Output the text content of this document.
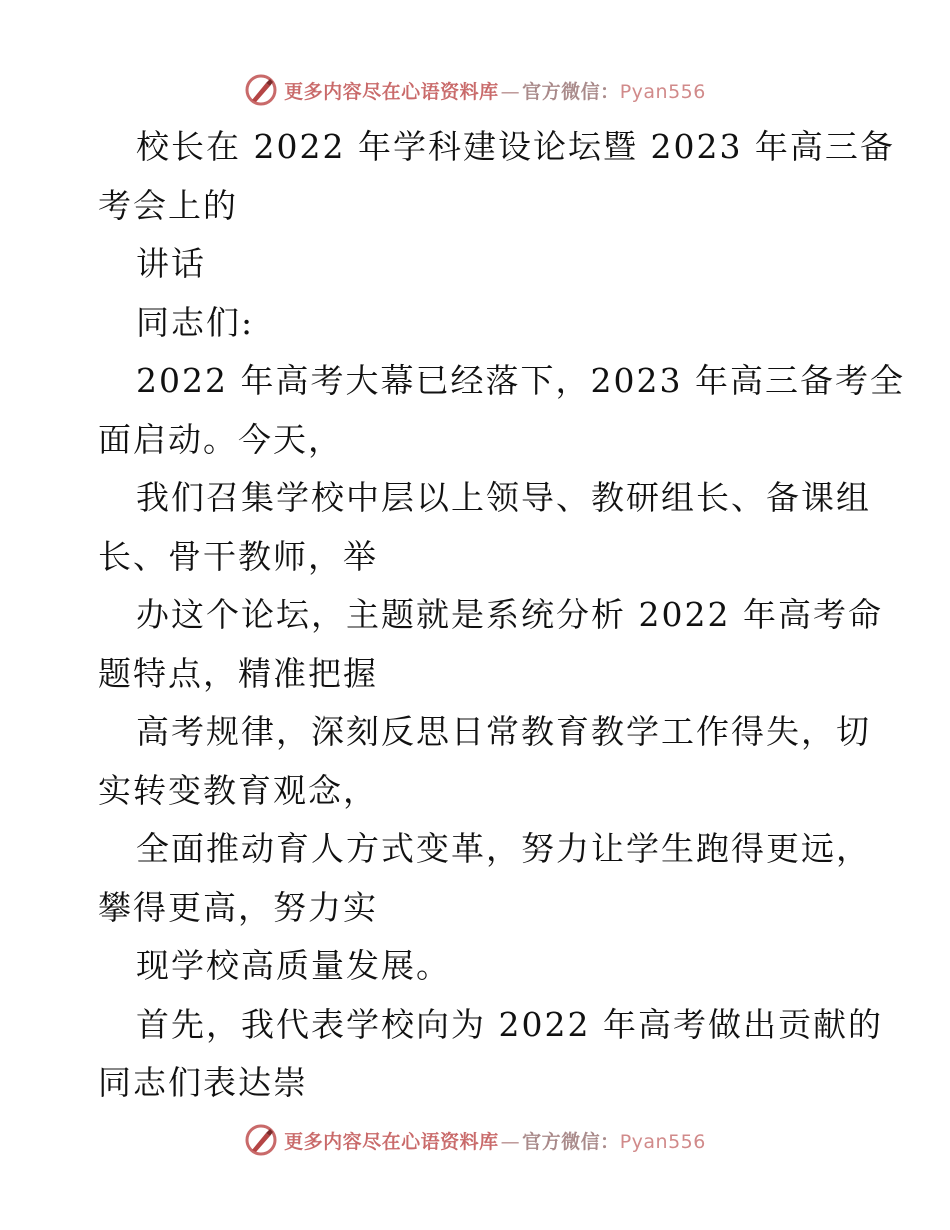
更多内容尽在心语资料库 — 官方微信：Pyan556
校长在 2022 年学科建设论坛暨 2023 年高三备
考会上的
讲话
同志们:
2022 年高考大幕已经落下，2023 年高三备考全
面启动。今天，
我们召集学校中层以上领导、教研组长、备课组
长、骨干教师，举
办这个论坛，主题就是系统分析 2022 年高考命
题特点，精准把握
高考规律，深刻反思日常教育教学工作得失，切
实转变教育观念，
全面推动育人方式变革，努力让学生跑得更远，
攀得更高，努力实
现学校高质量发展。
首先，我代表学校向为 2022 年高考做出贡献的
同志们表达崇
更多内容尽在心语资料库 — 官方微信：Pyan556
